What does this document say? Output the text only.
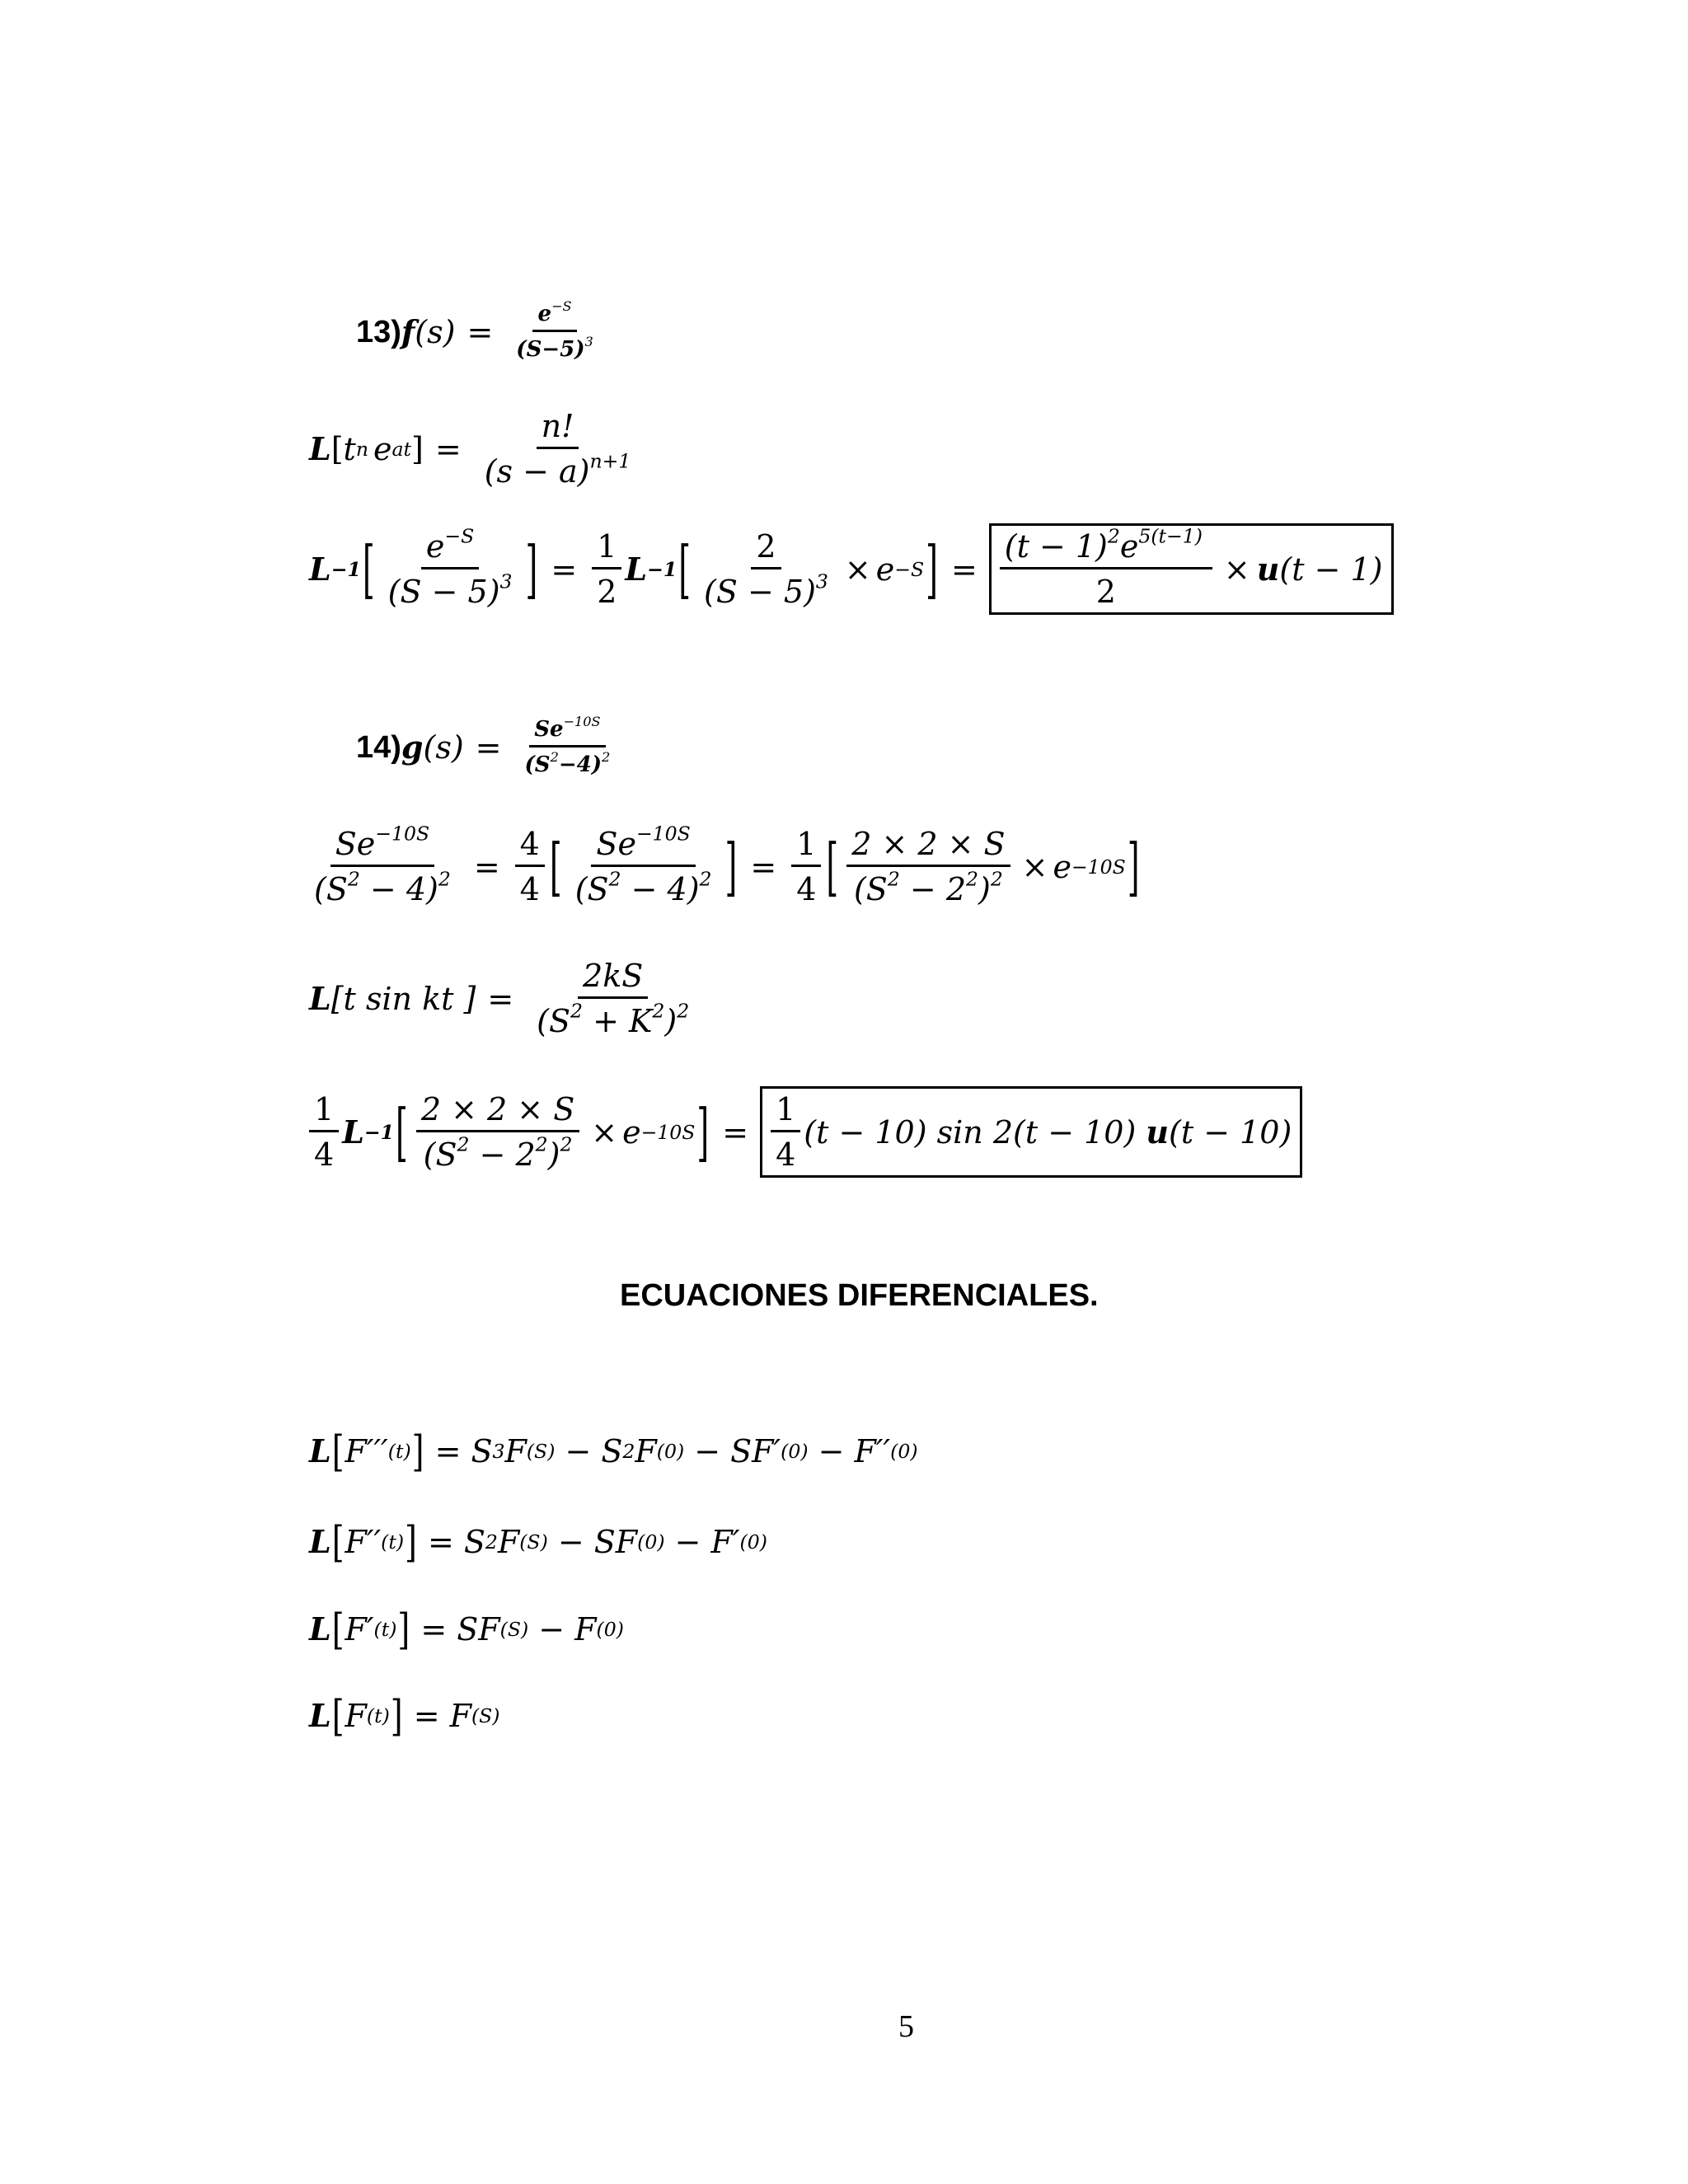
13) f $(s) = \frac{e^{-S}}{(S-5)^3}$
L [ t n e at ] = $\frac{n!}{(s - a)^{n+1}}$
L −1 [ $\frac{e^{-S}}{(S - 5)^3}$ ] = $\frac{1}{2}$ L −1 [ $\frac{2}{(S - 5)^3} \times e -S$ ] = $\frac{(t - 1)^2e^{5(t-1)}}{2} \times u$ (t − 1)
14) g $(s) = \frac{Se^{-10S}}{(S^2-4)^2}$
$\frac{Se^{-10S}}{(S^2 - 4)^2} = \frac{4}{4}$ [ $\frac{Se^{-10S}}{(S^2 - 4)^2}$ ] = $\frac{1}{4}$ [ $\frac{2 \times 2 \times S}{(S^2 - 2^2)^2} \times e -10S$ ]
L [t sin kt ] = $\frac{2kS}{(S^2 + K^2)^2}$
$\frac{1}{4}$ L −1 [ $\frac{2 \times 2 \times S}{(S^2 - 2^2)^2} \times e -10S$ ] = $\frac{1}{4} (t - 10)$ sin 2(t − 10) u (t − 10)
ECUACIONES DIFERENCIALES.
L [ F′′′ (t) ]
= S 3 F (S) − S 2 F (0) − SF′ (0) − F′′ (0)
L [ F′′ (t) ]
= S 2 F (S) − SF (0) − F′ (0)
L [ F′ (t) ]
= SF (S) − F (0)
L [ F (t) ]
= F (S)
5
